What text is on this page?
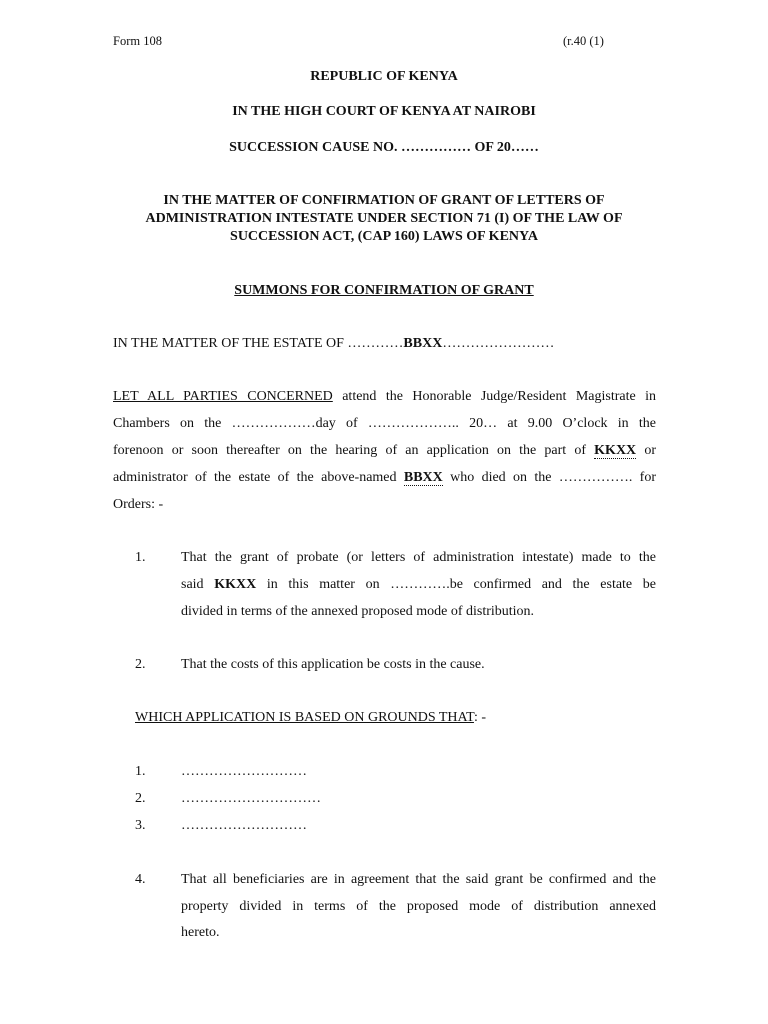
Form 108	(r.40 (1)
REPUBLIC OF KENYA
IN THE HIGH COURT OF KENYA AT NAIROBI
SUCCESSION CAUSE NO. …………… OF 20……
IN THE MATTER OF CONFIRMATION OF GRANT OF LETTERS OF
ADMINISTRATION INTESTATE UNDER SECTION 71 (I) OF THE LAW OF
SUCCESSION ACT, (CAP 160) LAWS OF KENYA
SUMMONS FOR CONFIRMATION OF GRANT
IN THE MATTER OF THE ESTATE OF …………BBXX……………………
LET ALL PARTIES CONCERNED attend the Honorable Judge/Resident Magistrate in
Chambers on the ………………day of ……………….. 20… at 9.00 O’clock in the
forenoon or soon thereafter on the hearing of an application on the part of KKXX or
administrator of the estate of the above-named BBXX who died on the ……………. for
Orders: -
1.	That the grant of probate (or letters of administration intestate) made to the
said KKXX in this matter on ………….be confirmed and the estate be
divided in terms of the annexed proposed mode of distribution.
2.	That the costs of this application be costs in the cause.
WHICH APPLICATION IS BASED ON GROUNDS THAT: -
1.	………………………
2.	…………………………
3.	………………………
4.	That all beneficiaries are in agreement that the said grant be confirmed and the
property divided in terms of the proposed mode of distribution annexed
hereto.
